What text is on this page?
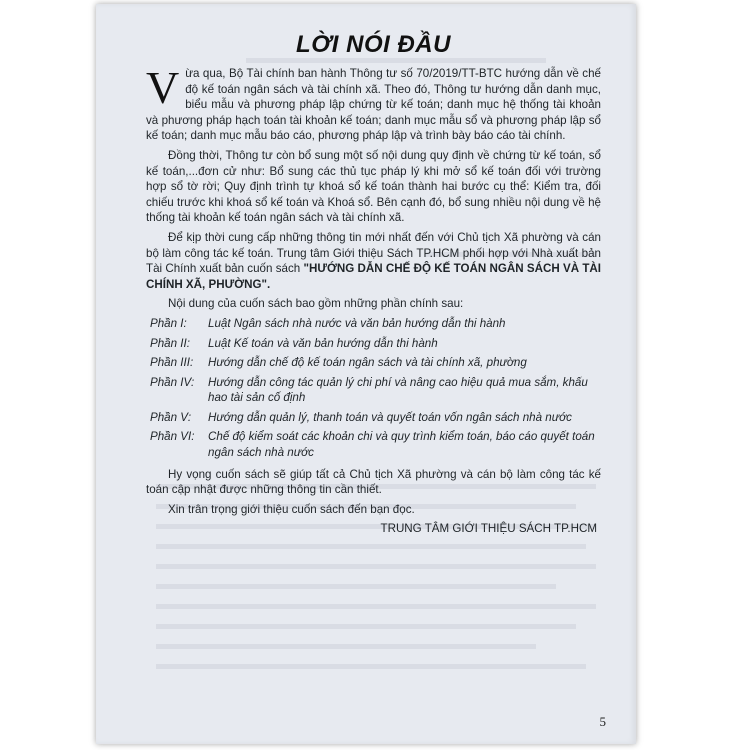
LỜI NÓI ĐẦU

Vừa qua, Bộ Tài chính ban hành Thông tư số 70/2019/TT-BTC hướng dẫn về chế độ kế toán ngân sách và tài chính xã. Theo đó, Thông tư hướng dẫn danh mục, biểu mẫu và phương pháp lập chứng từ kế toán; danh mục hệ thống tài khoản và phương pháp hạch toán tài khoản kế toán; danh mục mẫu sổ và phương pháp lập sổ kế toán; danh mục mẫu báo cáo, phương pháp lập và trình bày báo cáo tài chính.

Đồng thời, Thông tư còn bổ sung một số nội dung quy định về chứng từ kế toán, sổ kế toán,...đơn cử như: Bổ sung các thủ tục pháp lý khi mở sổ kế toán đối với trường hợp sổ tờ rời; Quy định trình tự khoá sổ kế toán thành hai bước cụ thể: Kiểm tra, đối chiếu trước khi khoá sổ kế toán và Khoá sổ. Bên cạnh đó, bổ sung nhiều nội dung về hệ thống tài khoản kế toán ngân sách và tài chính xã.

Để kịp thời cung cấp những thông tin mới nhất đến với Chủ tịch Xã phường và cán bộ làm công tác kế toán. Trung tâm Giới thiệu Sách TP.HCM phối hợp với Nhà xuất bản Tài Chính xuất bản cuốn sách "HƯỚNG DẪN CHẾ ĐỘ KẾ TOÁN NGÂN SÁCH VÀ TÀI CHÍNH XÃ, PHƯỜNG".

Nội dung của cuốn sách bao gồm những phần chính sau:

Phần I:	Luật Ngân sách nhà nước và văn bản hướng dẫn thi hành
Phần II:	Luật Kế toán và văn bản hướng dẫn thi hành
Phần III:	Hướng dẫn chế độ kế toán ngân sách và tài chính xã, phường
Phần IV:	Hướng dẫn công tác quản lý chi phí và nâng cao hiệu quả mua sắm, khấu hao tài sản cố định
Phần V:	Hướng dẫn quản lý, thanh toán và quyết toán vốn ngân sách nhà nước
Phần VI:	Chế độ kiểm soát các khoản chi và quy trình kiểm toán, báo cáo quyết toán ngân sách nhà nước

Hy vọng cuốn sách sẽ giúp tất cả Chủ tịch Xã phường và cán bộ làm công tác kế toán cập nhật được những thông tin cần thiết.

Xin trân trọng giới thiệu cuốn sách đến bạn đọc.

TRUNG TÂM GIỚI THIỆU SÁCH TP.HCM
5
